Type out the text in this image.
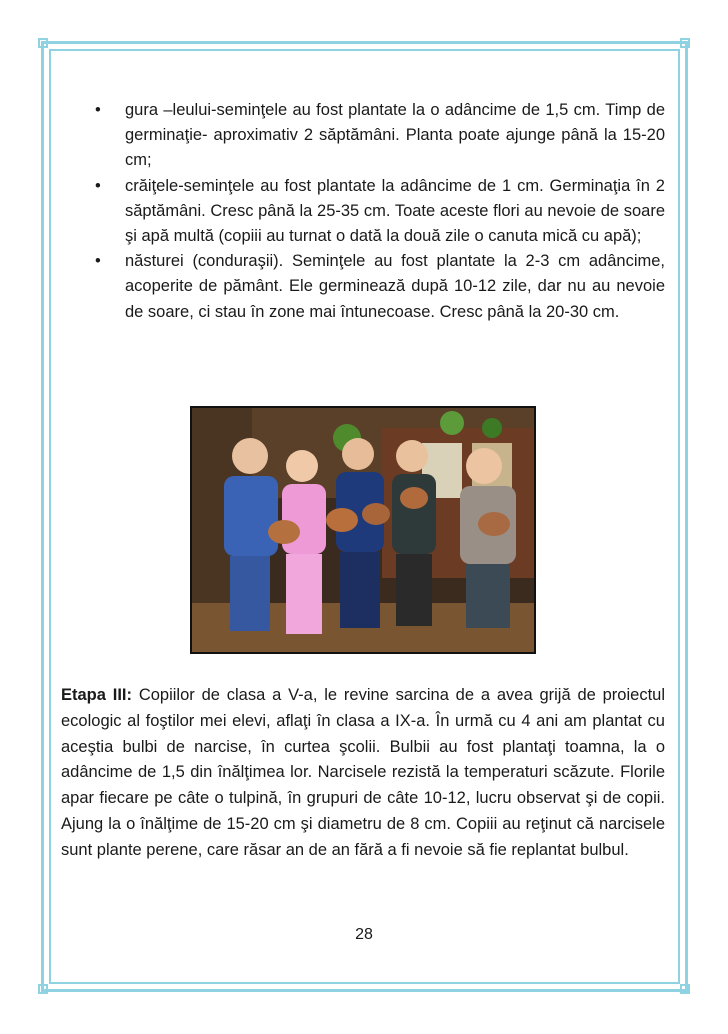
• gura –leului-seminţele au fost plantate la o adâncime de 1,5 cm. Timp de germinaţie- aproximativ 2 săptămâni. Planta poate ajunge până la 15-20 cm;
• crăiţele-seminţele au fost plantate la adâncime de 1 cm. Germinaţia în 2 săptămâni. Cresc până la 25-35 cm. Toate aceste flori au nevoie de soare şi apă multă (copiii au turnat o dată la două zile o canuta mică cu apă);
• năsturei (conduraşii). Seminţele au fost plantate la 2-3 cm adâncime, acoperite de pământ. Ele germinează după 10-12 zile, dar nu au nevoie de soare, ci stau în zone mai întunecoase. Cresc până la 20-30 cm.

Etapa III: Copiilor de clasa a V-a, le revine sarcina de a avea grijă de proiectul ecologic al foştilor mei elevi, aflaţi în clasa a IX-a. În urmă cu 4 ani am plantat cu aceştia bulbi de narcise, în curtea şcolii. Bulbii au fost plantaţi toamna, la o adâncime de 1,5 din înălţimea lor. Narcisele rezistă la temperaturi scăzute. Florile apar fiecare pe câte o tulpină, în grupuri de câte 10-12, lucru observat şi de copii. Ajung la o înălţime de 15-20 cm şi diametru de 8 cm. Copiii au reţinut că narcisele sunt plante perene, care răsar an de an fără a fi nevoie să fie replantat bulbul.

28
